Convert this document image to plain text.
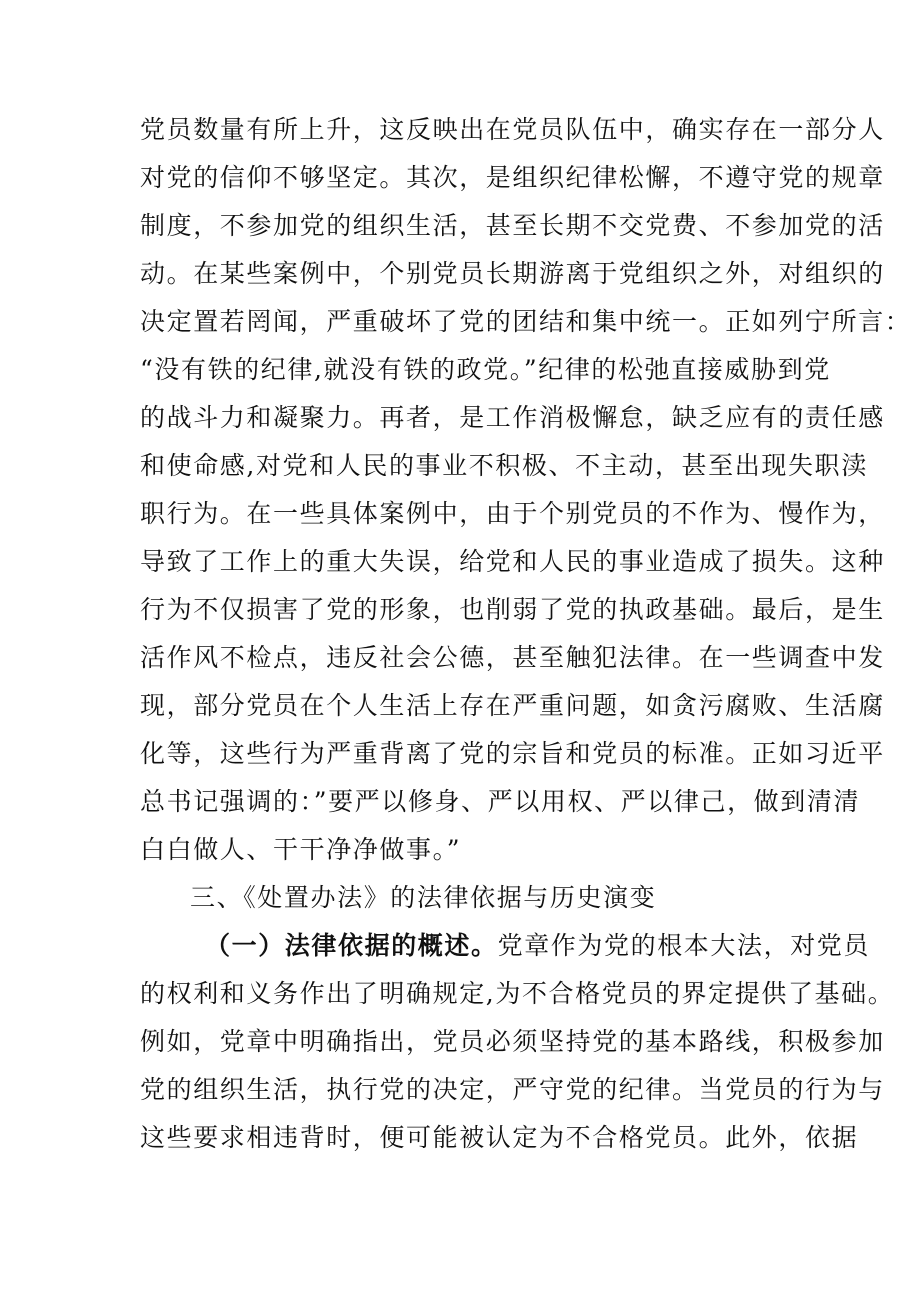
党员数量有所上升，这反映出在党员队伍中，确实存在一部分人
对党的信仰不够坚定。其次，是组织纪律松懈，不遵守党的规章
制度，不参加党的组织生活，甚至长期不交党费、不参加党的活
动。在某些案例中，个别党员长期游离于党组织之外，对组织的
决定置若罔闻，严重破坏了党的团结和集中统一。正如列宁所言：
“没有铁的纪律,就没有铁的政党。”纪律的松弛直接威胁到党
的战斗力和凝聚力。再者，是工作消极懈怠，缺乏应有的责任感
和使命感,对党和人民的事业不积极、不主动，甚至出现失职渎
职行为。在一些具体案例中，由于个别党员的不作为、慢作为，
导致了工作上的重大失误，给党和人民的事业造成了损失。这种
行为不仅损害了党的形象，也削弱了党的执政基础。最后，是生
活作风不检点，违反社会公德，甚至触犯法律。在一些调查中发
现，部分党员在个人生活上存在严重问题，如贪污腐败、生活腐
化等，这些行为严重背离了党的宗旨和党员的标准。正如习近平
总书记强调的：”要严以修身、严以用权、严以律己，做到清清
白白做人、干干净净做事。”
三、《处置办法》的法律依据与历史演变
（一）法律依据的概述。党章作为党的根本大法，对党员
的权利和义务作出了明确规定,为不合格党员的界定提供了基础。
例如，党章中明确指出，党员必须坚持党的基本路线，积极参加
党的组织生活，执行党的决定，严守党的纪律。当党员的行为与
这些要求相违背时，便可能被认定为不合格党员。此外，依据
